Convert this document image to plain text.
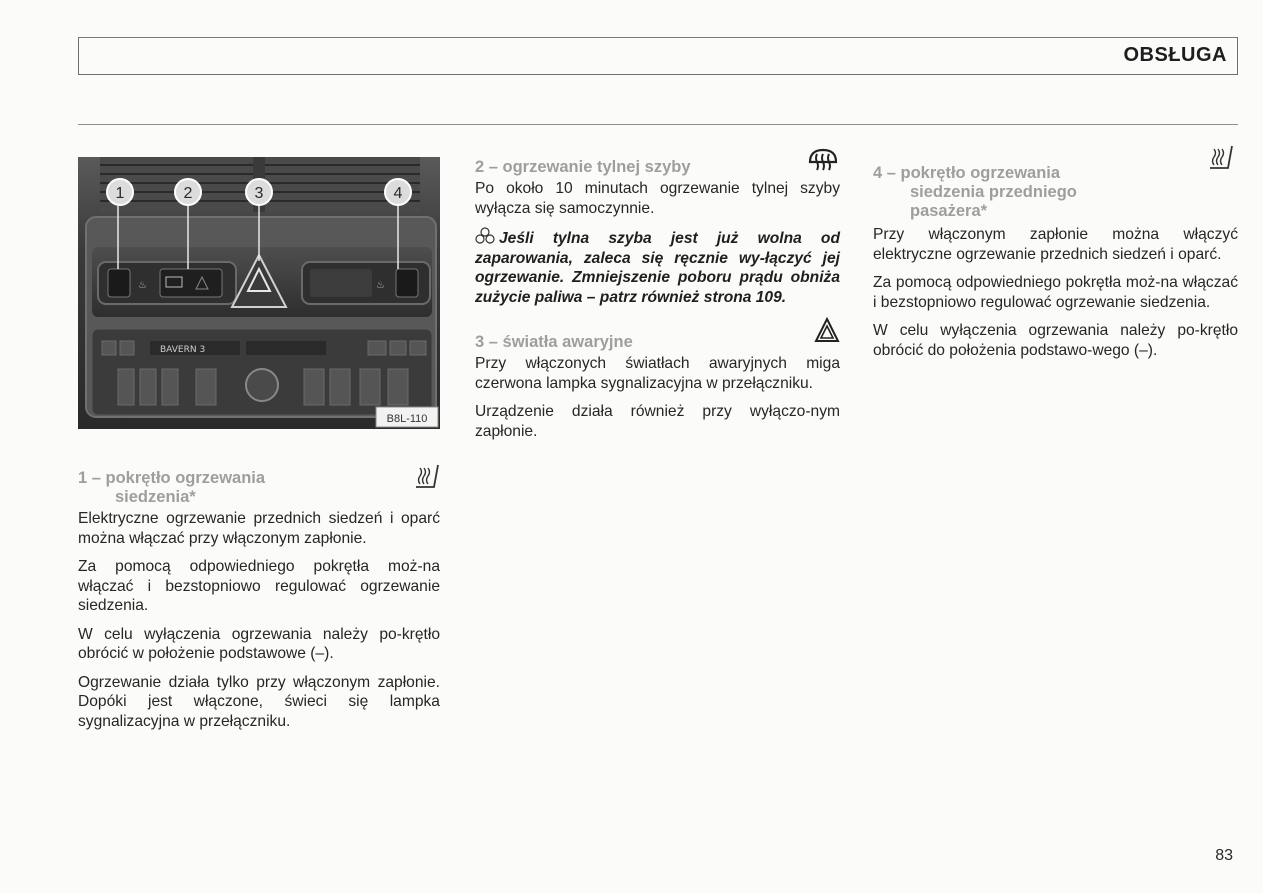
OBSŁUGA
♨	♨
BAVERN 3
1	2	3	4
B8L-110
1 – pokrętło ogrzewania
siedzenia*

Elektryczne ogrzewanie przednich siedzeń i oparć można włączać przy włączonym zapłonie.

Za pomocą odpowiedniego pokrętła moż-na włączać i bezstopniowo regulować ogrzewanie siedzenia.

W celu wyłączenia ogrzewania należy po-krętło obrócić w położenie podstawowe (–).

Ogrzewanie działa tylko przy włączonym zapłonie. Dopóki jest włączone, świeci się lampka sygnalizacyjna w przełączniku.

2 – ogrzewanie tylnej szyby

Po około 10 minutach ogrzewanie tylnej szyby wyłącza się samoczynnie.

Jeśli tylna szyba jest już wolna od zaparowania, zaleca się ręcznie wy-łączyć jej ogrzewanie. Zmniejszenie poboru prądu obniża zużycie paliwa – patrz również strona 109.
3 – światła awaryjne

Przy włączonych światłach awaryjnych miga czerwona lampka sygnalizacyjna w przełączniku.

Urządzenie działa również przy wyłączo-nym zapłonie.

4 – pokrętło ogrzewania
siedzenia przedniego
pasażera*

Przy włączonym zapłonie można włączyć elektryczne ogrzewanie przednich siedzeń i oparć.

Za pomocą odpowiedniego pokrętła moż-na włączać i bezstopniowo regulować ogrzewanie siedzenia.

W celu wyłączenia ogrzewania należy po-krętło obrócić do położenia podstawo-wego (–).

83
